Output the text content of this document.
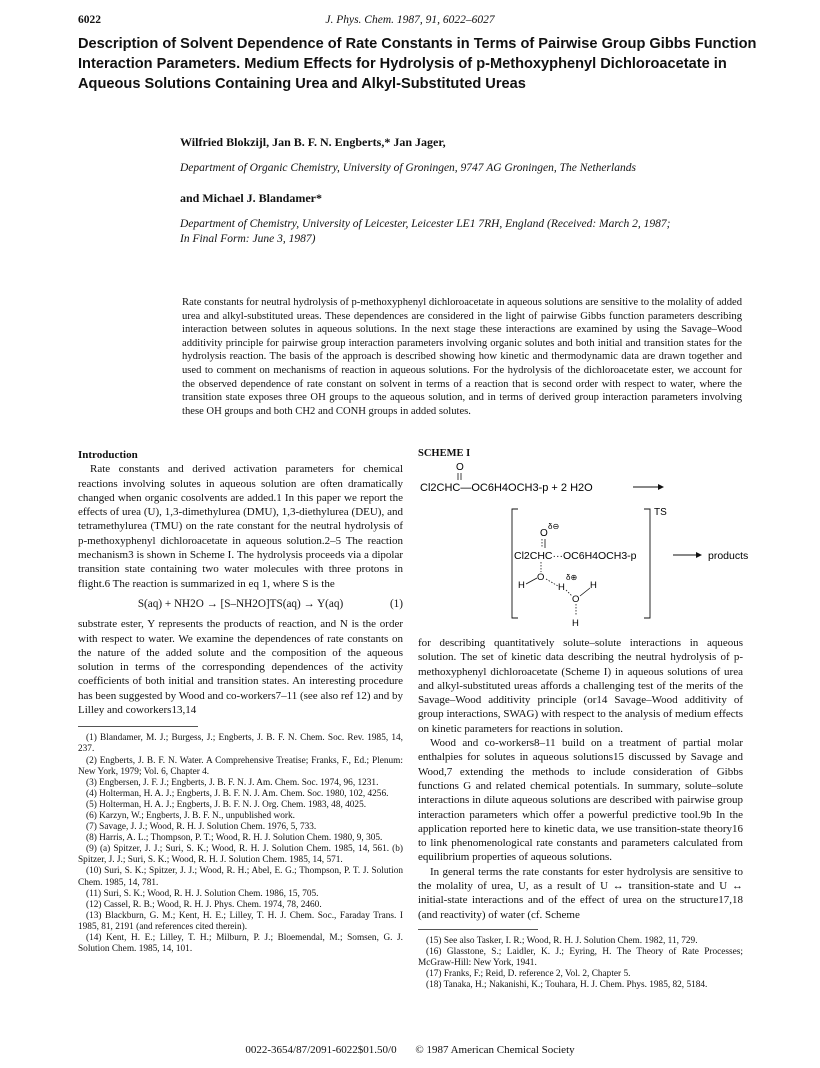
6022	J. Phys. Chem. 1987, 91, 6022–6027
Description of Solvent Dependence of Rate Constants in Terms of Pairwise Group Gibbs Function Interaction Parameters. Medium Effects for Hydrolysis of p-Methoxyphenyl Dichloroacetate in Aqueous Solutions Containing Urea and Alkyl-Substituted Ureas
Wilfried Blokzijl, Jan B. F. N. Engberts,* Jan Jager,
Department of Organic Chemistry, University of Groningen, 9747 AG Groningen, The Netherlands
and Michael J. Blandamer*
Department of Chemistry, University of Leicester, Leicester LE1 7RH, England (Received: March 2, 1987;
In Final Form: June 3, 1987)
Rate constants for neutral hydrolysis of p-methoxyphenyl dichloroacetate in aqueous solutions are sensitive to the molality of added urea and alkyl-substituted ureas. These dependences are considered in the light of pairwise Gibbs function parameters describing interaction between solutes in aqueous solutions. In the next stage these interactions are examined by using the Savage–Wood additivity principle for pairwise group interaction parameters involving organic solutes and both initial and transition states for the hydrolysis reaction. The basis of the approach is described showing how kinetic and thermodynamic data are drawn together and used to comment on mechanisms of reaction in aqueous solutions. For the hydrolysis of the dichloroacetate ester, we account for the observed dependence of rate constant on solvent in terms of a reaction that is second order with respect to water, where the transition state exposes three OH groups to the aqueous solution, and in terms of derived group interaction parameters involving these OH groups and both CH2 and CONH groups in added solutes.
Introduction

Rate constants and derived activation parameters for chemical reactions involving solutes in aqueous solution are often dramatically changed when organic cosolvents are added.1 In this paper we report the effects of urea (U), 1,3-dimethylurea (DMU), 1,3-diethylurea (DEU), and tetramethylurea (TMU) on the rate constant for the neutral hydrolysis of p-methoxyphenyl dichloroacetate in aqueous solution.2–5 The reaction mechanism3 is shown in Scheme I. The hydrolysis proceeds via a dipolar transition state containing two water molecules with three protons in flight.6 The reaction is summarized in eq 1, where S is the

S(aq) + NH2O → [S–NH2O]TS(aq) → Y(aq)	(1)

substrate ester, Y represents the products of reaction, and N is the order with respect to water. We examine the dependences of rate constants on the nature of the added solute and the composition of the aqueous solution in terms of the corresponding dependences of the activity coefficients of both initial and transition states. An interesting procedure has been suggested by Wood and co-workers7–11 (see also ref 12) and by Lilley and coworkers13,14

(1) Blandamer, M. J.; Burgess, J.; Engberts, J. B. F. N. Chem. Soc. Rev. 1985, 14, 237.
(2) Engberts, J. B. F. N. Water. A Comprehensive Treatise; Franks, F., Ed.; Plenum: New York, 1979; Vol. 6, Chapter 4.
(3) Engbersen, J. F. J.; Engberts, J. B. F. N. J. Am. Chem. Soc. 1974, 96, 1231.
(4) Holterman, H. A. J.; Engberts, J. B. F. N. J. Am. Chem. Soc. 1980, 102, 4256.
(5) Holterman, H. A. J.; Engberts, J. B. F. N. J. Org. Chem. 1983, 48, 4025.
(6) Karzyn, W.; Engberts, J. B. F. N., unpublished work.
(7) Savage, J. J.; Wood, R. H. J. Solution Chem. 1976, 5, 733.
(8) Harris, A. L.; Thompson, P. T.; Wood, R. H. J. Solution Chem. 1980, 9, 305.
(9) (a) Spitzer, J. J.; Suri, S. K.; Wood, R. H. J. Solution Chem. 1985, 14, 561. (b) Spitzer, J. J.; Suri, S. K.; Wood, R. H. J. Solution Chem. 1985, 14, 571.
(10) Suri, S. K.; Spitzer, J. J.; Wood, R. H.; Abel, E. G.; Thompson, P. T. J. Solution Chem. 1985, 14, 781.
(11) Suri, S. K.; Wood, R. H. J. Solution Chem. 1986, 15, 705.
(12) Cassel, R. B.; Wood, R. H. J. Phys. Chem. 1974, 78, 2460.
(13) Blackburn, G. M.; Kent, H. E.; Lilley, T. H. J. Chem. Soc., Faraday Trans. I 1985, 81, 2191 (and references cited therein).
(14) Kent, H. E.; Lilley, T. H.; Milburn, P. J.; Bloemendal, M.; Somsen, G. J. Solution Chem. 1985, 14, 101.
SCHEME I
O
Cl2CHC—OC6H4OCH3-p + 2 H2O
TS
O
δ⊖
Cl2CHC···OC6H4OCH3-p	products
H
O
H
δ⊕
O
H
H

for describing quantitatively solute–solute interactions in aqueous solution. The set of kinetic data describing the neutral hydrolysis of p-methoxyphenyl dichloroacetate (Scheme I) in aqueous solutions of urea and alkyl-substituted ureas affords a challenging test of the merits of the Savage–Wood additivity principle (or14 Savage–Wood additivity of group interactions, SWAG) with respect to the analysis of medium effects on kinetic parameters for reactions in solution.

Wood and co-workers8–11 build on a treatment of partial molar enthalpies for solutes in aqueous solutions15 discussed by Savage and Wood,7 extending the methods to include consideration of Gibbs functions G and related chemical potentials. In summary, solute–solute interactions in dilute aqueous solutions are described with pairwise group interaction parameters which offer a powerful predictive tool.9b In the application reported here to kinetic data, we use transition-state theory16 to link phenomenological rate constants and parameters calculated from equilibrium properties of aqueous solutions.

In general terms the rate constants for ester hydrolysis are sensitive to the molality of urea, U, as a result of U ↔ transition-state and U ↔ initial-state interactions and of the effect of urea on the structure17,18 (and reactivity) of water (cf. Scheme

(15) See also Tasker, I. R.; Wood, R. H. J. Solution Chem. 1982, 11, 729.
(16) Glasstone, S.; Laidler, K. J.; Eyring, H. The Theory of Rate Processes; McGraw-Hill: New York, 1941.
(17) Franks, F.; Reid, D. reference 2, Vol. 2, Chapter 5.
(18) Tanaka, H.; Nakanishi, K.; Touhara, H. J. Chem. Phys. 1985, 82, 5184.
0022-3654/87/2091-6022$01.50/0 © 1987 American Chemical Society
